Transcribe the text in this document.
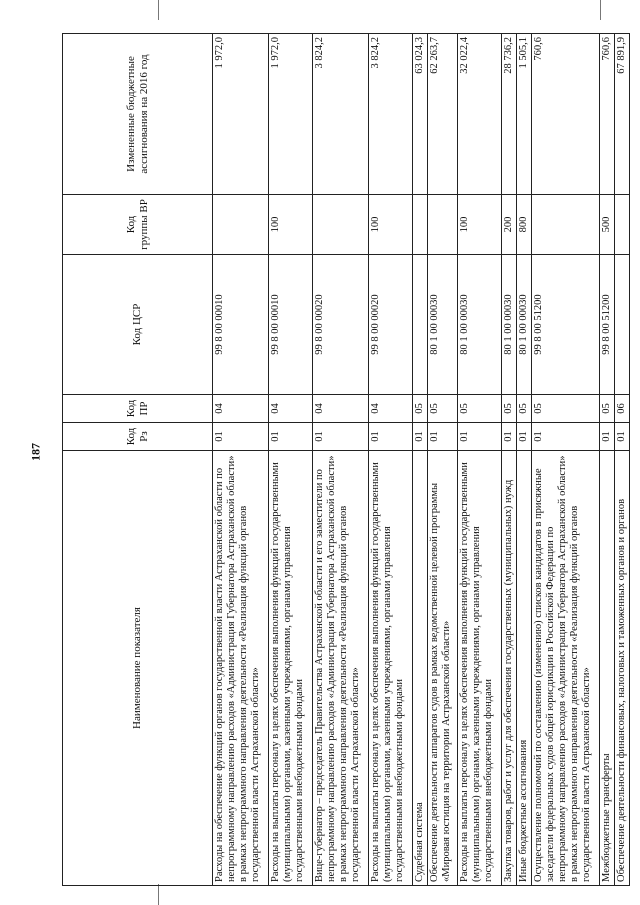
187
Наименование показателя	Код Рз	Код ПР	Код ЦСР	Код группы ВР	Измененные бюджетные ассигнования на 2016 год
Расходы на обеспечение функций органов государственной власти Астраханской области по непрограммному направлению расходов «Администрация Губернатора Астраханской области» в рамках непрограммного направления деятельности «Реализация функций органов государственной власти Астраханской области»	01	04	99 8 00 00010		1 972,0
Расходы на выплаты персоналу в целях обеспечения выполнения функций государственными (муниципальными) органами, казенными учреждениями, органами управления государственными внебюджетными фондами	01	04	99 8 00 00010	100	1 972,0
Вице-губернатор – председатель Правительства Астраханской области и его заместители по непрограммному направлению расходов «Администрация Губернатора Астраханской области» в рамках непрограммного направления деятельности «Реализация функций органов государственной власти Астраханской области»	01	04	99 8 00 00020		3 824,2
Расходы на выплаты персоналу в целях обеспечения выполнения функций государственными (муниципальными) органами, казенными учреждениями, органами управления государственными внебюджетными фондами	01	04	99 8 00 00020	100	3 824,2
Судебная система	01	05			63 024,3
Обеспечение деятельности аппаратов судов в рамках ведомственной целевой программы «Мировая юстиция на территории Астраханской области»	01	05	80 1 00 00030		62 263,7
Расходы на выплаты персоналу в целях обеспечения выполнения функций государственными (муниципальными) органами, казенными учреждениями, органами управления государственными внебюджетными фондами	01	05	80 1 00 00030	100	32 022,4
Закупка товаров, работ и услуг для обеспечения государственных (муниципальных) нужд	01	05	80 1 00 00030	200	28 736,2
Иные бюджетные ассигнования	01	05	80 1 00 00030	800	1 505,1
Осуществление полномочий по составлению (изменению) списков кандидатов в присяжные заседатели федеральных судов общей юрисдикции в Российской Федерации по непрограммному направлению расходов «Администрация Губернатора Астраханской области» в рамках непрограммного направления деятельности «Реализация функций органов государственной власти Астраханской области»	01	05	99 8 00 51200		760,6
Межбюджетные трансферты	01	05	99 8 00 51200	500	760,6
Обеспечение деятельности финансовых, налоговых и таможенных органов и органов	01	06			67 891,9
